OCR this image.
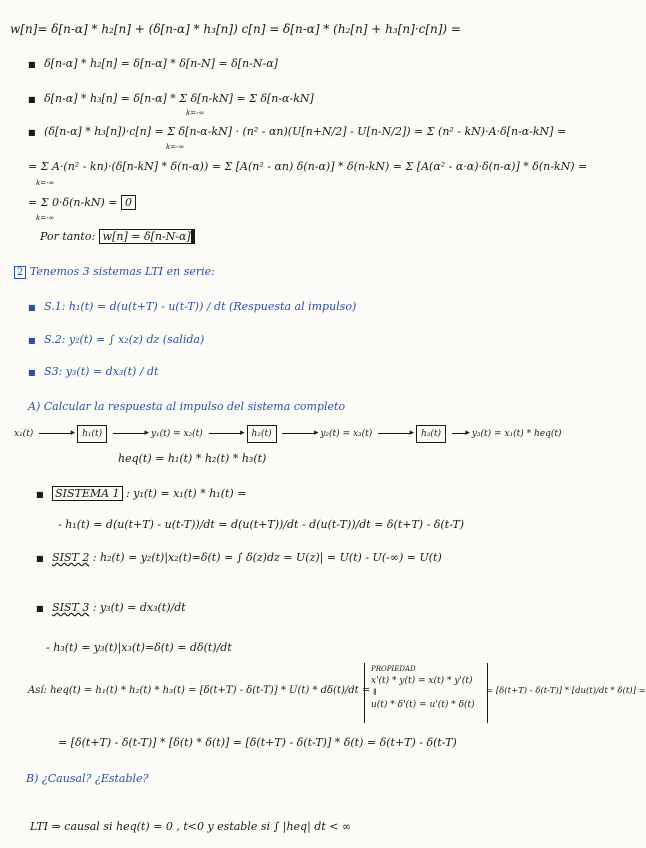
w[n]= δ[n-α] * h₂[n] + (δ[n-α] * h₃[n]) c[n] = δ[n-α] * (h₂[n] + h₃[n]·c[n]) =
■ δ[n-α] * h₂[n] = δ[n-α] * δ[n-N] = δ[n-N-α]
■ δ[n-α] * h₃[n] = δ[n-α] * Σ δ[n-kN] = Σ δ[n-α-kN]
k=-∞
■ (δ[n-α] * h₃[n])·c[n] = Σ δ[n-α-kN] · (n² - αn)(U[n+N/2] - U[n-N/2]) = Σ (n² - kN)·A·δ[n-α-kN] =
k=-∞
= Σ A·(n² - kn)·(δ[n-kN] * δ(n-α)) = Σ [A(n² - αn) δ(n-α)] * δ(n-kN) = Σ [A(α² - α·α)·δ(n-α)] * δ(n-kN) =
k=-∞
= Σ 0·δ(n-kN) = 0
k=-∞
Por tanto: w[n] = δ[n-N-α]
2 Tenemos 3 sistemas LTI en serie:
■ S.1: h₁(t) = d(u(t+T) - u(t-T)) / dt (Respuesta al impulso)
■ S.2: y₂(t) = ∫ x₂(z) dz (salida)
■ S3: y₃(t) = dx₃(t) / dt
A) Calcular la respuesta al impulso del sistema completo
x₁(t) ▸	h₁(t) ▸	y₁(t) = x₂(t) ▸	h₂(t) ▸	y₂(t) = x₃(t) ▸	h₃(t) ▸	y₃(t) = x₁(t) * heq(t)
heq(t) = h₁(t) * h₂(t) * h₃(t)
■ SISTEMA 1 : y₁(t) = x₁(t) * h₁(t) =
- h₁(t) = d(u(t+T) - u(t-T))/dt = d(u(t+T))/dt - d(u(t-T))/dt = δ(t+T) - δ(t-T)
■ SIST 2 : h₂(t) = y₂(t)|x₂(t)=δ(t) = ∫ δ(z)dz = U(z)| = U(t) - U(-∞) = U(t)
■ SIST 3 : y₃(t) = dx₃(t)/dt
- h₃(t) = y₃(t)|x₃(t)=δ(t) = dδ(t)/dt
Así: heq(t) = h₁(t) * h₂(t) * h₃(t) = [δ(t+T) - δ(t-T)] * U(t) * dδ(t)/dt =
PROPIEDAD
x'(t) * y(t) = x(t) * y'(t)
⇓
u(t) * δ'(t) = u'(t) * δ(t)
= [δ(t+T) - δ(t-T)] * [du(t)/dt * δ(t)] =
= [δ(t+T) - δ(t-T)] * [δ(t) * δ(t)] = [δ(t+T) - δ(t-T)] * δ(t) = δ(t+T) - δ(t-T)
B) ¿Causal? ¿Estable?
LTI ⇒ causal si heq(t) = 0 , t<0 y estable si ∫ |heq| dt < ∞
